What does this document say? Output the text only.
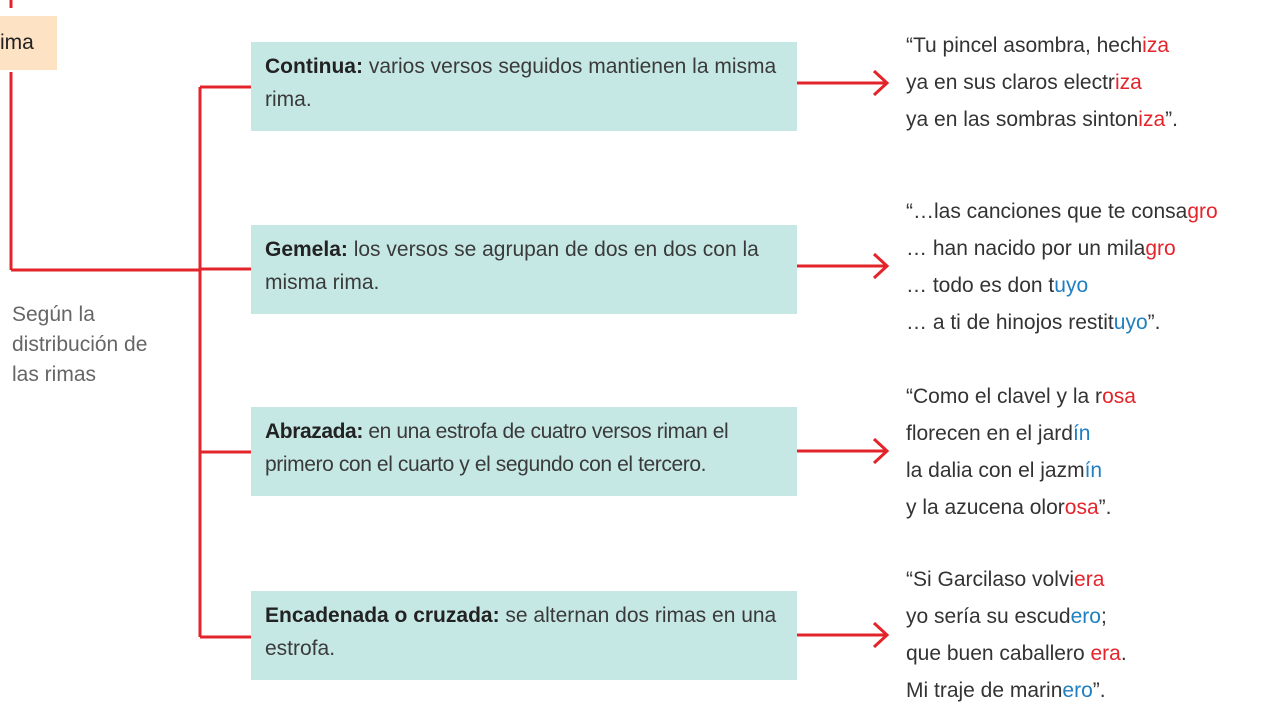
ima
Según la
distribución de
las rimas
Continua: varios versos seguidos mantienen la misma rima.
Gemela: los versos se agrupan de dos en dos con la misma rima.
Abrazada: en una estrofa de cuatro versos riman el primero con el cuarto y el segundo con el tercero.
Encadenada o cruzada: se alternan dos rimas en una estrofa.
“Tu pincel asombra, hechiza
ya en sus claros electriza
ya en las sombras sintoniza”.
“…las canciones que te consagro
… han nacido por un milagro
… todo es don tuyo
… a ti de hinojos restituyo”.
“Como el clavel y la rosa
florecen en el jardín
la dalia con el jazmín
y la azucena olorosa”.
“Si Garcilaso volviera
yo sería su escudero;
que buen caballero era.
Mi traje de marinero”.
